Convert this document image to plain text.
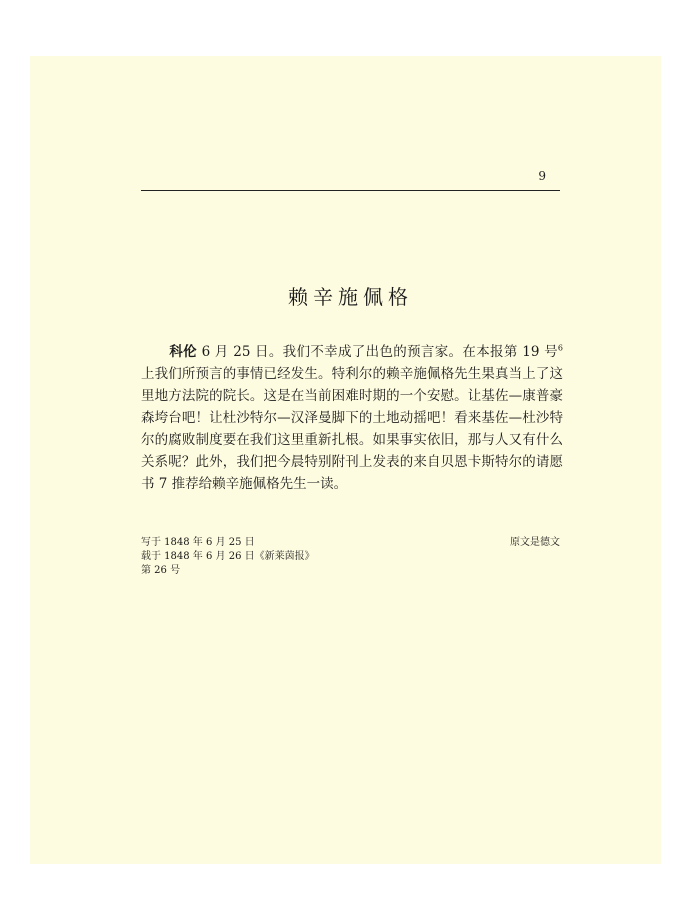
9
赖辛施佩格

科伦 6 月 25 日。我们不幸成了出色的预言家。在本报第 19 号$^6$ 上我们所预言的事情已经发生。特利尔的赖辛施佩格先生果真当上了这里地方法院的院长。这是在当前困难时期的一个安慰。让基佐—康普豪森垮台吧！让杜沙特尔—汉泽曼脚下的土地动摇吧！看来基佐—杜沙特尔的腐败制度要在我们这里重新扎根。如果事实依旧，那与人又有什么关系呢？此外，我们把今晨特别附刊上发表的来自贝恩卡斯特尔的请愿书 7 推荐给赖辛施佩格先生一读。

写于 1848 年 6 月 25 日
载于 1848 年 6 月 26 日《新莱茵报》
第 26 号
原文是德文
